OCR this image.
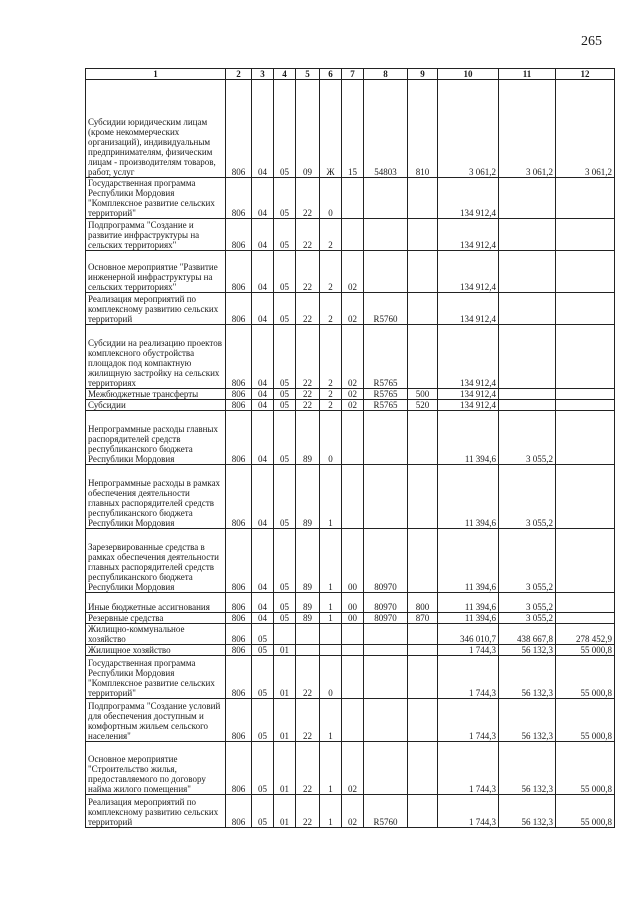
265
1	2	3	4	5	6	7	8	9	10	11	12
Субсидии юридическим лицам (кроме некоммерческих организаций), индивидуальным предпринимателям, физическим лицам - производителям товаров, работ, услуг	806	04	05	09	Ж	15	54803	810	3 061,2	3 061,2	3 061,2
Государственная программа Республики Мордовия "Комплексное развитие сельских территорий"	806	04	05	22	0				134 912,4		
Подпрограмма "Создание и развитие инфраструктуры на сельских территориях"	806	04	05	22	2				134 912,4		
Основное мероприятие "Развитие инженерной инфраструктуры на сельских территориях"	806	04	05	22	2	02			134 912,4		
Реализация мероприятий по комплексному развитию сельских территорий	806	04	05	22	2	02	R5760		134 912,4		
Субсидии на реализацию проектов комплексного обустройства площадок под компактную жилищную застройку на сельских территориях	806	04	05	22	2	02	R5765		134 912,4		
Межбюджетные трансферты	806	04	05	22	2	02	R5765	500	134 912,4		
Субсидии	806	04	05	22	2	02	R5765	520	134 912,4		
Непрограммные расходы главных распорядителей средств республиканского бюджета Республики Мордовия	806	04	05	89	0				11 394,6	3 055,2	
Непрограммные расходы в рамках обеспечения деятельности главных распорядителей средств республиканского бюджета Республики Мордовия	806	04	05	89	1				11 394,6	3 055,2	
Зарезервированные средства в рамках обеспечения деятельности главных распорядителей средств республиканского бюджета Республики Мордовия	806	04	05	89	1	00	80970		11 394,6	3 055,2	
Иные бюджетные ассигнования	806	04	05	89	1	00	80970	800	11 394,6	3 055,2	
Резервные средства	806	04	05	89	1	00	80970	870	11 394,6	3 055,2	
Жилищно-коммунальное хозяйство	806	05							346 010,7	438 667,8	278 452,9
Жилищное хозяйство	806	05	01						1 744,3	56 132,3	55 000,8
Государственная программа Республики Мордовия "Комплексное развитие сельских территорий"	806	05	01	22	0				1 744,3	56 132,3	55 000,8
Подпрограмма "Создание условий для обеспечения доступным и комфортным жильем сельского населения"	806	05	01	22	1				1 744,3	56 132,3	55 000,8
Основное мероприятие "Строительство жилья, предоставляемого по договору найма жилого помещения"	806	05	01	22	1	02			1 744,3	56 132,3	55 000,8
Реализация мероприятий по комплексному развитию сельских территорий	806	05	01	22	1	02	R5760		1 744,3	56 132,3	55 000,8
